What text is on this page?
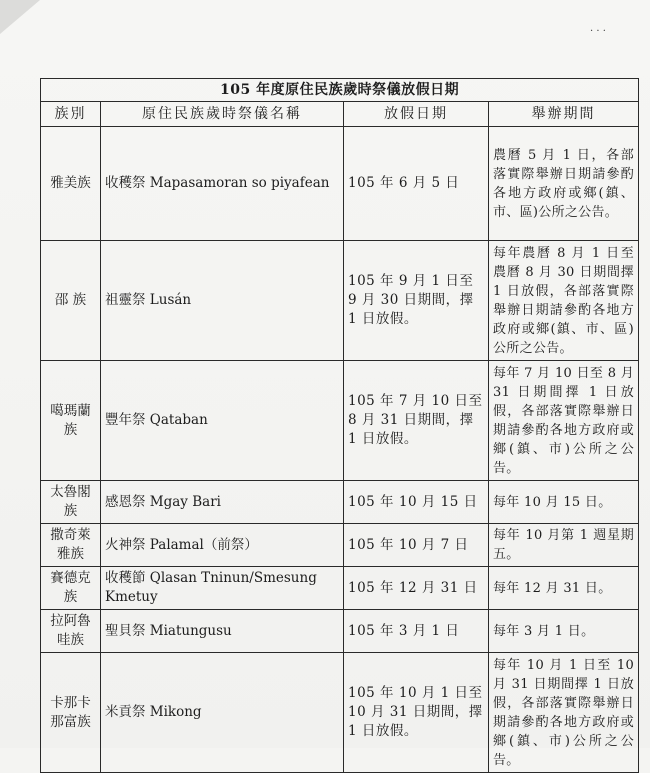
· · ·
105 年度原住民族歲時祭儀放假日期			
族別	原住民族歲時祭儀名稱	放假日期	舉辦期間
雅美族	收穫祭 Mapasamoran so piyafean	105 年 6 月 5 日	農曆 5 月 1 日，各部落實際舉辦日期請參酌各地方政府或鄉(鎮、市、區)公所之公告。
邵 族	祖靈祭 Lusán	105 年 9 月 1 日至 9 月 30 日期間，擇 1 日放假。	每年農曆 8 月 1 日至農曆 8 月 30 日期間擇 1 日放假，各部落實際舉辦日期請參酌各地方政府或鄉(鎮、市、區)公所之公告。
噶瑪蘭族	豐年祭 Qataban	105 年 7 月 10 日至 8 月 31 日期間，擇 1 日放假。	每年 7 月 10 日至 8 月 31 日期間擇 1 日放假，各部落實際舉辦日期請參酌各地方政府或鄉(鎮、市)公所之公告。
太魯閣族	感恩祭 Mgay Bari	105 年 10 月 15 日	每年 10 月 15 日。
撒奇萊雅族	火神祭 Palamal（前祭）	105 年 10 月 7 日	每年 10 月第 1 週星期五。
賽德克族	收穫節 Qlasan Tninun/Smesung Kmetuy	105 年 12 月 31 日	每年 12 月 31 日。
拉阿魯哇族	聖貝祭 Miatungusu	105 年 3 月 1 日	每年 3 月 1 日。
卡那卡那富族	米貢祭 Mikong	105 年 10 月 1 日至 10 月 31 日期間，擇 1 日放假。	每年 10 月 1 日至 10 月 31 日期間擇 1 日放假，各部落實際舉辦日期請參酌各地方政府或鄉(鎮、市)公所之公告。
